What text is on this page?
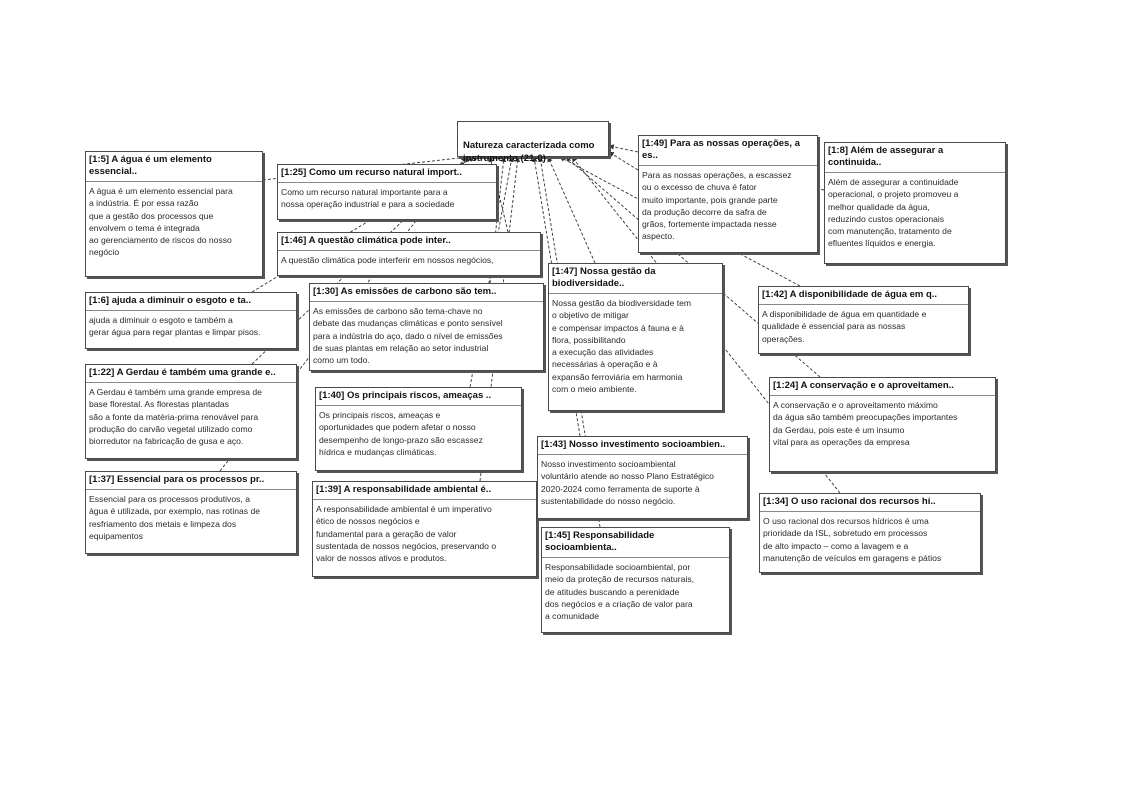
Natureza caracterizada como
instrumento (21-0)

[1:5] A água é um elemento
essencial..
A água é um elemento essencial para
a indústria. É por essa razão
que a gestão dos processos que
envolvem o tema é integrada
ao gerenciamento de riscos do nosso
negócio
[1:25] Como um recurso natural import..
Como um recurso natural importante para a
nossa operação industrial e para a sociedade
[1:46] A questão climática pode inter..
A questão climática pode interferir em nossos negócios,
[1:6] ajuda a diminuir o esgoto e ta..
ajuda a diminuir o esgoto e também a
gerar água para regar plantas e limpar pisos.
[1:30] As emissões de carbono são tem..
As emissões de carbono são tema-chave no
debate das mudanças climáticas e ponto sensível
para a indústria do aço, dado o nível de emissões
de suas plantas em relação ao setor industrial
como um todo.
[1:22] A Gerdau é também uma grande e..
A Gerdau é também uma grande empresa de
base florestal. As florestas plantadas
são a fonte da matéria-prima renovável para
produção do carvão vegetal utilizado como
biorredutor na fabricação de gusa e aço.
[1:40] Os principais riscos, ameaças ..
Os principais riscos, ameaças e
oportunidades que podem afetar o nosso
desempenho de longo-prazo são escassez
hídrica e mudanças climáticas.
[1:37] Essencial para os processos pr..
Essencial para os processos produtivos, a
água é utilizada, por exemplo, nas rotinas de
resfriamento dos metais e limpeza dos
equipamentos
[1:39] A responsabilidade ambiental é..
A responsabilidade ambiental é um imperativo
ético de nossos negócios e
fundamental para a geração de valor
sustentada de nossos negócios, preservando o
valor de nossos ativos e produtos.
[1:49] Para as nossas operações, a
es..
Para as nossas operações, a escassez
ou o excesso de chuva é fator
muito importante, pois grande parte
da produção decorre da safra de
grãos, fortemente impactada nesse
aspecto.
[1:8] Além de assegurar a
continuida..
Além de assegurar a continuidade
operacional, o projeto promoveu a
melhor qualidade da água,
reduzindo custos operacionais
com manutenção, tratamento de
efluentes líquidos e energia.
[1:47] Nossa gestão da
biodiversidade..
Nossa gestão da biodiversidade tem
o objetivo de mitigar
e compensar impactos à fauna e à
flora, possibilitando
a execução das atividades
necessárias à operação e à
expansão ferroviária em harmonia
com o meio ambiente.
[1:42] A disponibilidade de água em q..
A disponibilidade de água em quantidade e
qualidade é essencial para as nossas
operações.
[1:24] A conservação e o aproveitamen..
A conservação e o aproveitamento máximo
da água são também preocupações importantes
da Gerdau, pois este é um insumo
vital para as operações da empresa
[1:43] Nosso investimento socioambien..
Nosso investimento socioambiental
voluntário atende ao nosso Plano Estratégico
2020-2024 como ferramenta de suporte à
sustentabilidade do nosso negócio.	[1:34] O uso racional dos recursos hí..
O uso racional dos recursos hídricos é uma
prioridade da ISL, sobretudo em processos
de alto impacto – como a lavagem e a
manutenção de veículos em garagens e pátios
[1:45] Responsabilidade
socioambienta..
Responsabilidade socioambiental, por
meio da proteção de recursos naturais,
de atitudes buscando a perenidade
dos negócios e a criação de valor para
a comunidade
